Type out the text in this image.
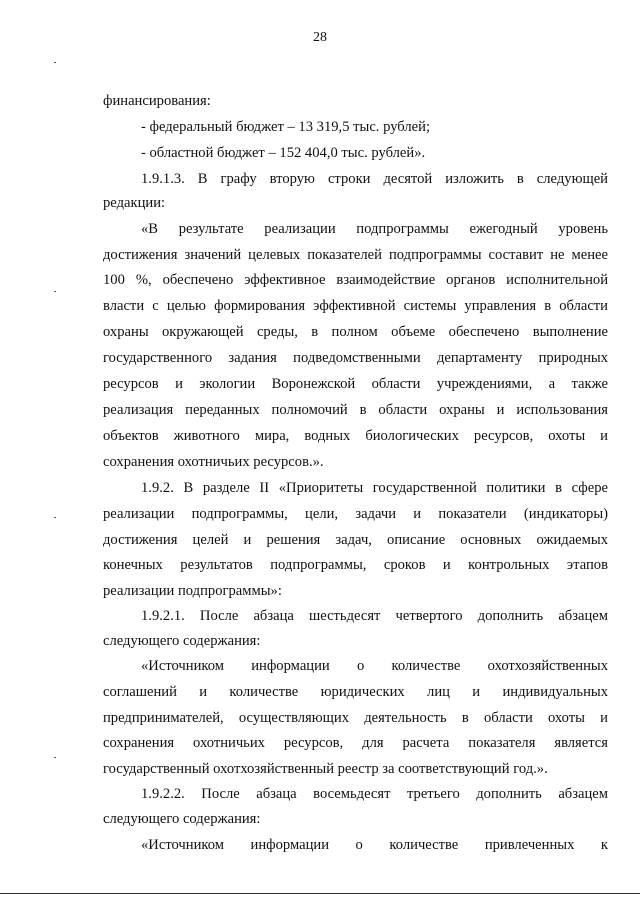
28
финансирования:
- федеральный бюджет – 13 319,5 тыс. рублей;
- областной бюджет – 152 404,0 тыс. рублей».
1.9.1.3. В графу вторую строки десятой изложить в следующей
редакции:
«В результате реализации подпрограммы ежегодный уровень
достижения значений целевых показателей подпрограммы составит не менее
100 %, обеспечено эффективное взаимодействие органов исполнительной
власти с целью формирования эффективной системы управления в области
охраны окружающей среды, в полном объеме обеспечено выполнение
государственного задания подведомственными департаменту природных
ресурсов и экологии Воронежской области учреждениями, а также
реализация переданных полномочий в области охраны и использования
объектов животного мира, водных биологических ресурсов, охоты и
сохранения охотничьих ресурсов.».
1.9.2. В разделе II «Приоритеты государственной политики в сфере
реализации подпрограммы, цели, задачи и показатели (индикаторы)
достижения целей и решения задач, описание основных ожидаемых
конечных результатов подпрограммы, сроков и контрольных этапов
реализации подпрограммы»:
1.9.2.1. После абзаца шестьдесят четвертого дополнить абзацем
следующего содержания:
«Источником информации о количестве охотхозяйственных
соглашений и количестве юридических лиц и индивидуальных
предпринимателей, осуществляющих деятельность в области охоты и
сохранения охотничьих ресурсов, для расчета показателя является
государственный охотхозяйственный реестр за соответствующий год.».
1.9.2.2. После абзаца восемьдесят третьего дополнить абзацем
следующего содержания:
«Источником информации о количестве привлеченных к
